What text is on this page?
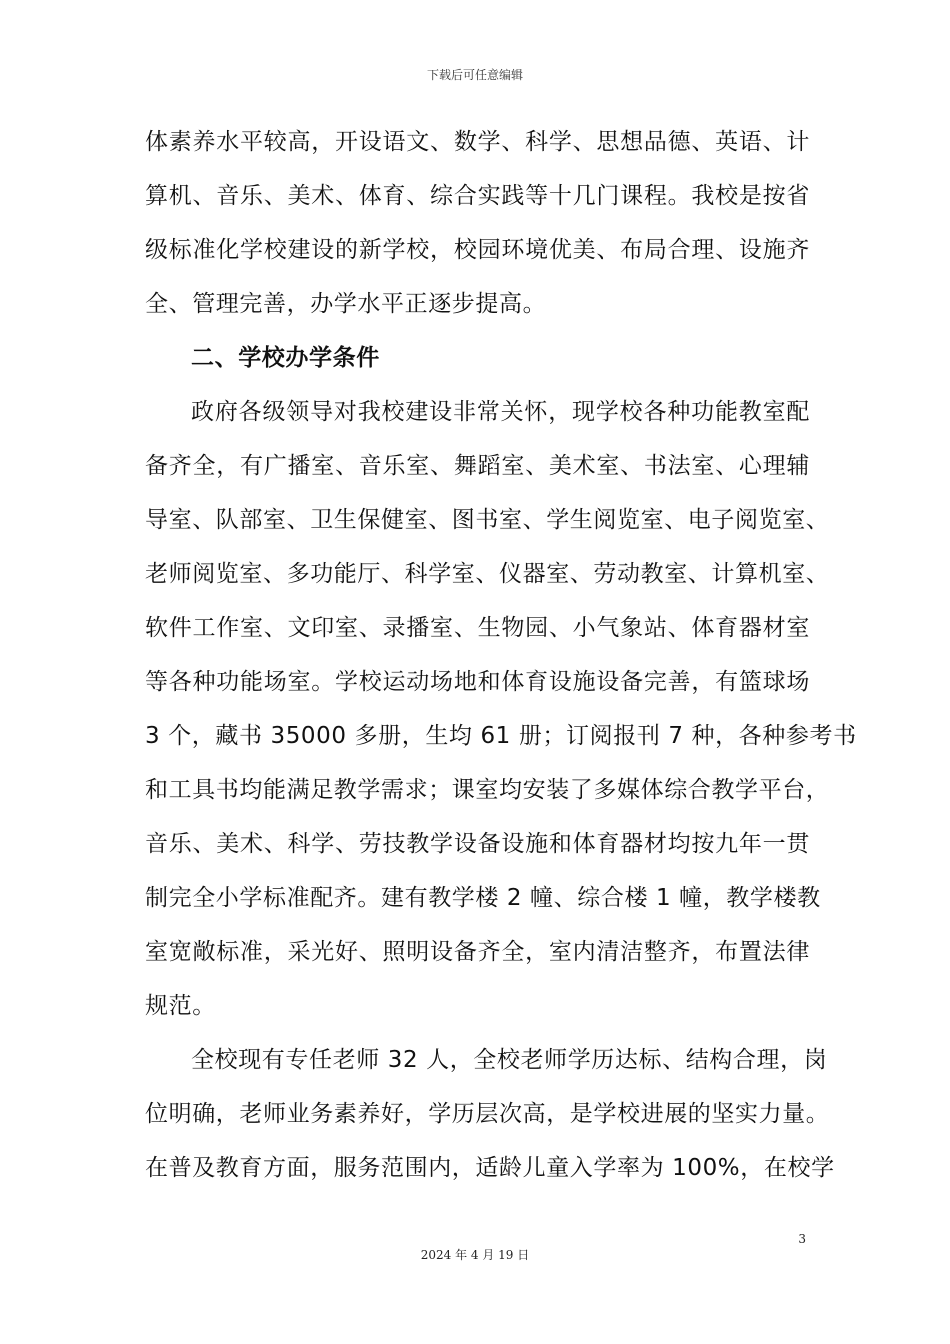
下载后可任意编辑
体素养水平较高，开设语文、数学、科学、思想品德、英语、计
算机、音乐、美术、体育、综合实践等十几门课程。我校是按省
级标准化学校建设的新学校，校园环境优美、布局合理、设施齐
全、管理完善，办学水平正逐步提高。
二、学校办学条件
政府各级领导对我校建设非常关怀，现学校各种功能教室配
备齐全，有广播室、音乐室、舞蹈室、美术室、书法室、心理辅
导室、队部室、卫生保健室、图书室、学生阅览室、电子阅览室、
老师阅览室、多功能厅、科学室、仪器室、劳动教室、计算机室、
软件工作室、文印室、录播室、生物园、小气象站、体育器材室
等各种功能场室。学校运动场地和体育设施设备完善，有篮球场
3 个，藏书 35000 多册，生均 61 册；订阅报刊 7 种，各种参考书
和工具书均能满足教学需求；课室均安装了多媒体综合教学平台，
音乐、美术、科学、劳技教学设备设施和体育器材均按九年一贯
制完全小学标准配齐。建有教学楼 2 幢、综合楼 1 幢，教学楼教
室宽敞标准，采光好、照明设备齐全，室内清洁整齐，布置法律
规范。
全校现有专任老师 32 人，全校老师学历达标、结构合理，岗
位明确，老师业务素养好，学历层次高，是学校进展的坚实力量。
在普及教育方面，服务范围内，适龄儿童入学率为 100%，在校学
3
2024 年 4 月 19 日
